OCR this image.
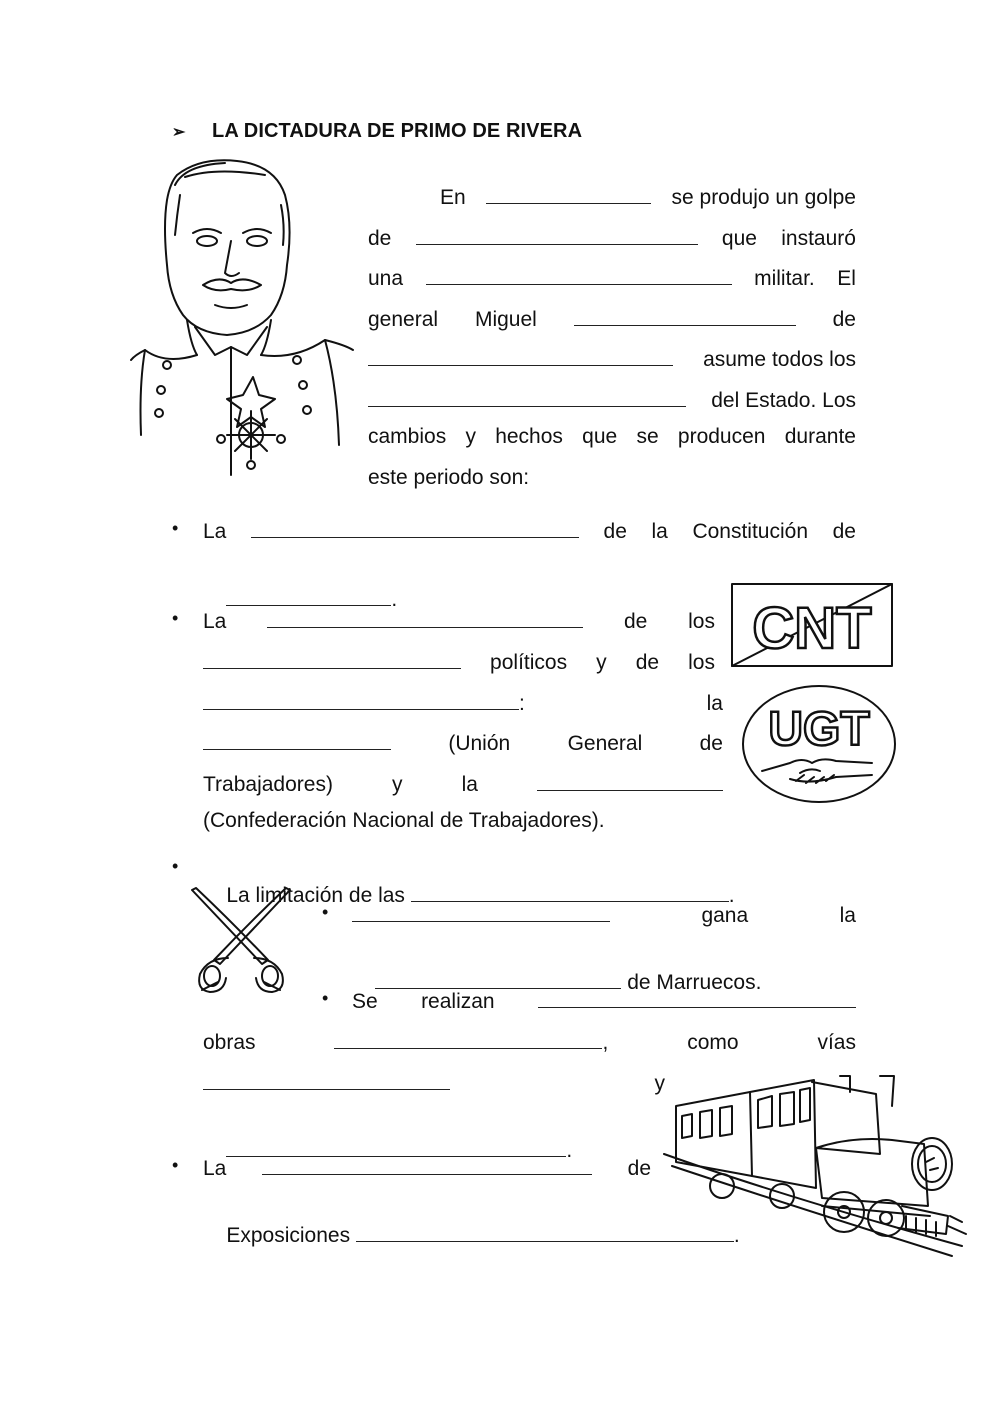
➢ LA DICTADURA DE PRIMO DE RIVERA
En	se produjo un golpe
de	que instauró
una	militar. El
general Miguel	de
asume todos los
del Estado. Los
cambios y hechos que se producen durante
este periodo son:
• La	de la Constitución de

.
	CNT
• La	de los
políticos y de los
:	la
(Unión	General	de
Trabajadores)	y	la
(Confederación Nacional de Trabajadores).
UGT
•

La limitación de las	.

•	gana	la

de Marruecos.

• Se realizan
obras	,	como	vías
y

.

• La	de

Exposiciones	.
